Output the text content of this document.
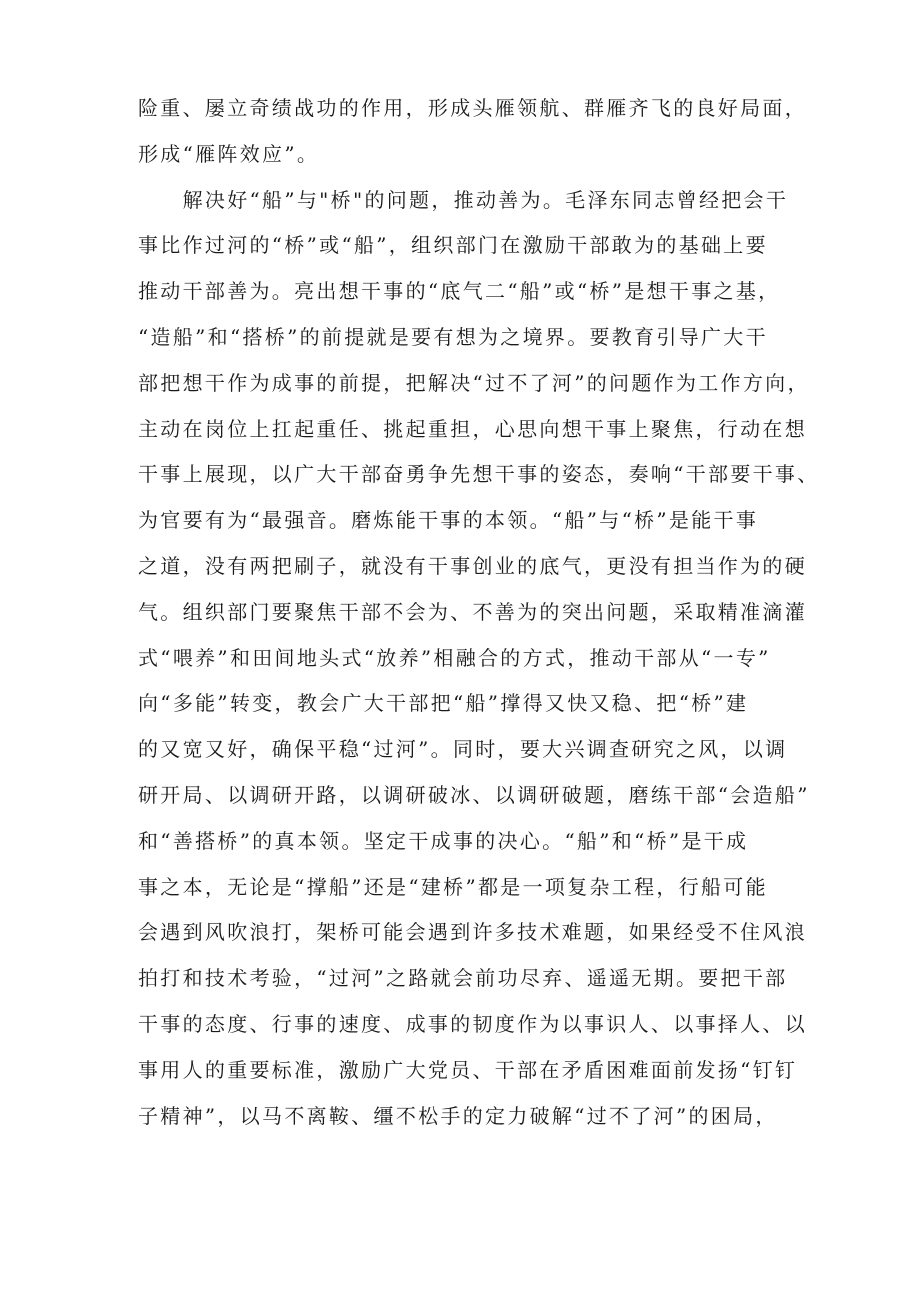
险重、屡立奇绩战功的作用，形成头雁领航、群雁齐飞的良好局面，
形成“雁阵效应”。
　　解决好“船”与"桥"的问题，推动善为。毛泽东同志曾经把会干
事比作过河的“桥”或“船”，组织部门在激励干部敢为的基础上要
推动干部善为。亮出想干事的“底气二“船”或“桥”是想干事之基，
“造船”和“搭桥”的前提就是要有想为之境界。要教育引导广大干
部把想干作为成事的前提，把解决“过不了河”的问题作为工作方向，
主动在岗位上扛起重任、挑起重担，心思向想干事上聚焦，行动在想
干事上展现，以广大干部奋勇争先想干事的姿态，奏响“干部要干事、
为官要有为“最强音。磨炼能干事的本领。“船”与“桥”是能干事
之道，没有两把刷子，就没有干事创业的底气，更没有担当作为的硬
气。组织部门要聚焦干部不会为、不善为的突出问题，采取精准滴灌
式“喂养”和田间地头式“放养”相融合的方式，推动干部从“一专”
向“多能”转变，教会广大干部把“船”撑得又快又稳、把“桥”建
的又宽又好，确保平稳“过河”。同时，要大兴调查研究之风，以调
研开局、以调研开路，以调研破冰、以调研破题，磨练干部“会造船”
和“善搭桥”的真本领。坚定干成事的决心。“船”和“桥”是干成
事之本，无论是“撑船”还是“建桥”都是一项复杂工程，行船可能
会遇到风吹浪打，架桥可能会遇到许多技术难题，如果经受不住风浪
拍打和技术考验，“过河”之路就会前功尽弃、遥遥无期。要把干部
干事的态度、行事的速度、成事的韧度作为以事识人、以事择人、以
事用人的重要标准，激励广大党员、干部在矛盾困难面前发扬“钉钉
子精神”，以马不离鞍、缰不松手的定力破解“过不了河”的困局，
